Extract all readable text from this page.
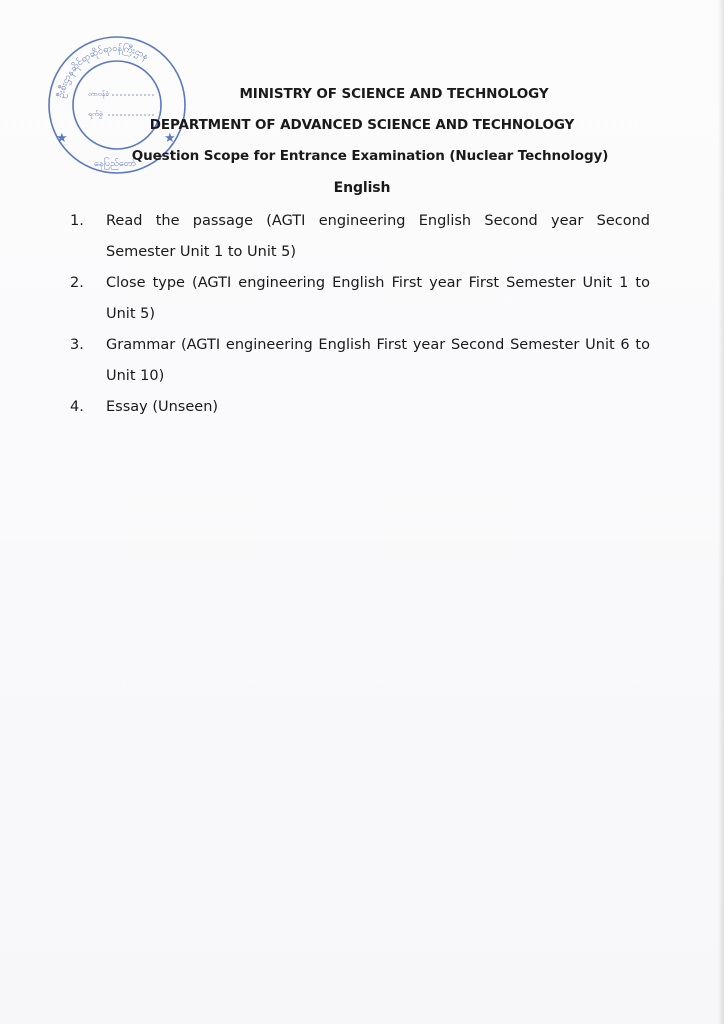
ဦးစီးဌာနဆိုင်ရာဆိုင်ရာဝန်ကြီးဌာန
တာဝန်ခံ
ရက်စွဲ
နေပြည်တော်
★	★
MINISTRY OF SCIENCE AND TECHNOLOGY
DEPARTMENT OF ADVANCED SCIENCE AND TECHNOLOGY
Question Scope for Entrance Examination (Nuclear Technology)
English
1. Read the passage (AGTI engineering English Second year Second Semester Unit 1 to Unit 5)
2. Close type (AGTI engineering English First year First Semester Unit 1 to Unit 5)
3. Grammar (AGTI engineering English First year Second Semester Unit 6 to Unit 10)
4. Essay (Unseen)
